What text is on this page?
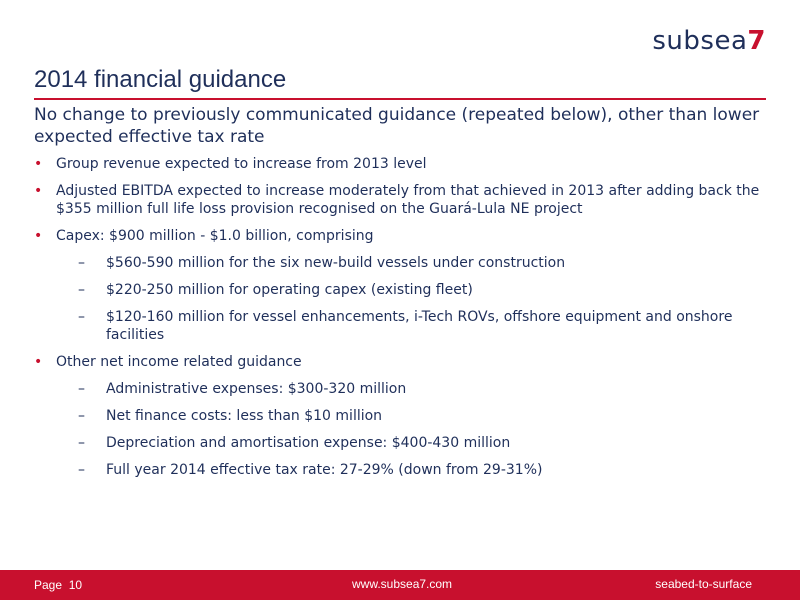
subsea7
2014 financial guidance
No change to previously communicated guidance (repeated below), other than lower expected effective tax rate
• Group revenue expected to increase from 2013 level
• Adjusted EBITDA expected to increase moderately from that achieved in 2013 after adding back the $355 million full life loss provision recognised on the Guará-Lula NE project
• Capex: $900 million - $1.0 billion, comprising
– $560-590 million for the six new-build vessels under construction
– $220-250 million for operating capex (existing fleet)
– $120-160 million for vessel enhancements, i-Tech ROVs, offshore equipment and onshore facilities
• Other net income related guidance
– Administrative expenses: $300-320 million
– Net finance costs: less than $10 million
– Depreciation and amortisation expense: $400-430 million
– Full year 2014 effective tax rate: 27-29% (down from 29-31%)
Page 10	www.subsea7.com	seabed-to-surface
